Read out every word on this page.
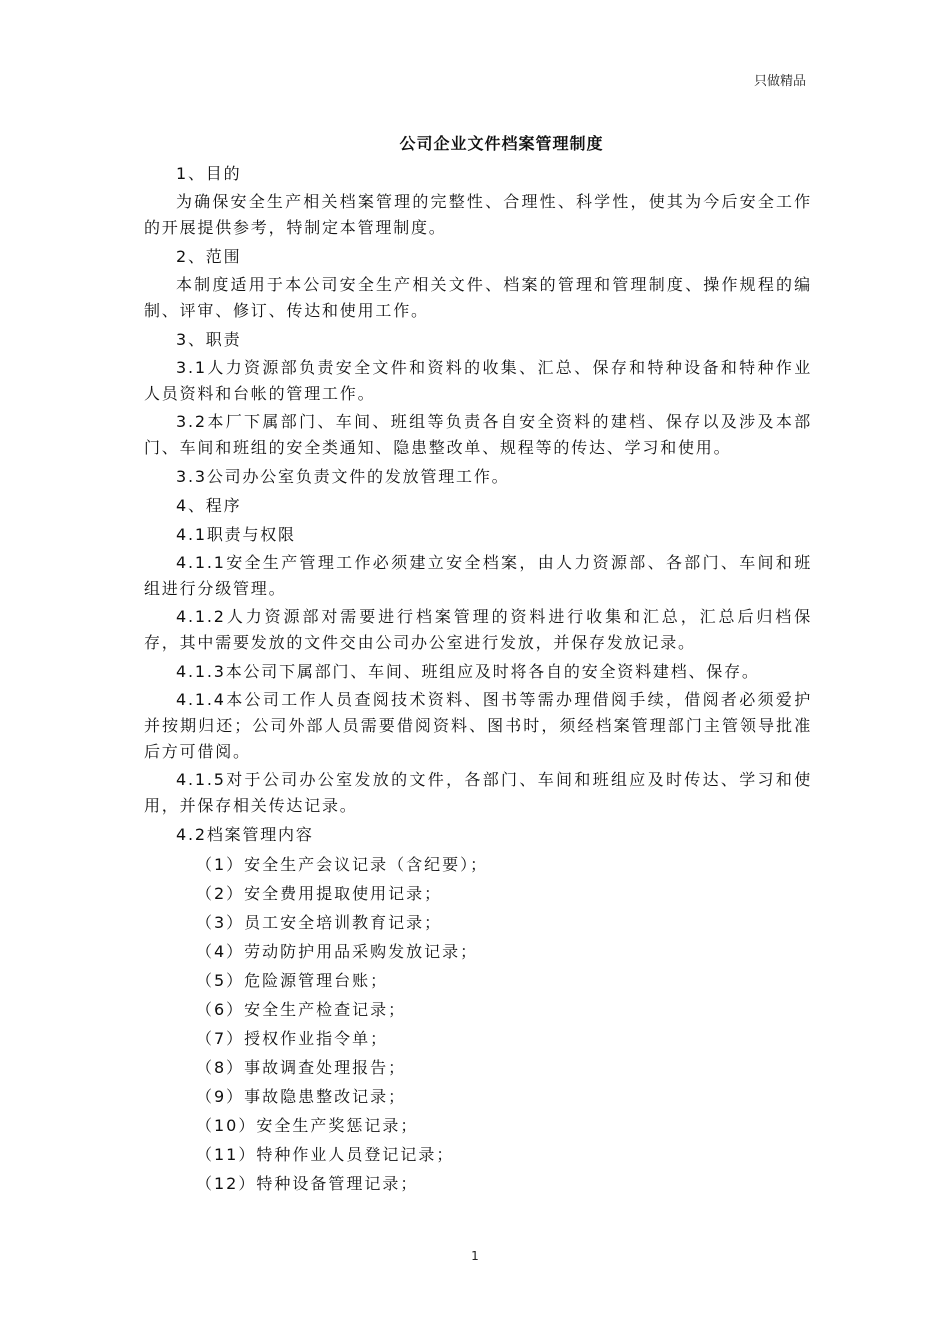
只做精品
公司企业文件档案管理制度

1、目的

为确保安全生产相关档案管理的完整性、合理性、科学性，使其为今后安全工作的开展提供参考，特制定本管理制度。

2、范围

本制度适用于本公司安全生产相关文件、档案的管理和管理制度、操作规程的编制、评审、修订、传达和使用工作。

3、职责

3.1人力资源部负责安全文件和资料的收集、汇总、保存和特种设备和特种作业人员资料和台帐的管理工作。

3.2本厂下属部门、车间、班组等负责各自安全资料的建档、保存以及涉及本部门、车间和班组的安全类通知、隐患整改单、规程等的传达、学习和使用。

3.3公司办公室负责文件的发放管理工作。

4、程序

4.1职责与权限

4.1.1安全生产管理工作必须建立安全档案，由人力资源部、各部门、车间和班组进行分级管理。

4.1.2人力资源部对需要进行档案管理的资料进行收集和汇总，汇总后归档保存，其中需要发放的文件交由公司办公室进行发放，并保存发放记录。

4.1.3本公司下属部门、车间、班组应及时将各自的安全资料建档、保存。

4.1.4本公司工作人员查阅技术资料、图书等需办理借阅手续，借阅者必须爱护并按期归还；公司外部人员需要借阅资料、图书时，须经档案管理部门主管领导批准后方可借阅。

4.1.5对于公司办公室发放的文件，各部门、车间和班组应及时传达、学习和使用，并保存相关传达记录。

4.2档案管理内容

（1）安全生产会议记录（含纪要）；

（2）安全费用提取使用记录；

（3）员工安全培训教育记录；

（4）劳动防护用品采购发放记录；

（5）危险源管理台账；

（6）安全生产检查记录；

（7）授权作业指令单；

（8）事故调查处理报告；

（9）事故隐患整改记录；

（10）安全生产奖惩记录；

（11）特种作业人员登记记录；

（12）特种设备管理记录；

1
